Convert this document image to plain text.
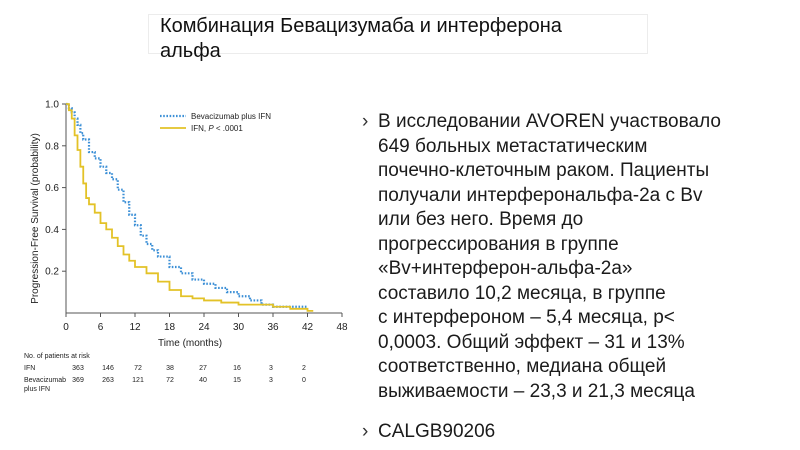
Комбинация Бевацизумаба и интерферона
альфа
0	6	12 18 24 30 36 42 48
0.2
0.4
0.6
0.8
1.0
Progression-Free Survival (probability)
Time (months)
Bevacizumab plus IFN
IFN, P < .0001
No. of patients at risk
IFN	363	146	72	38	27	16	3	2
Bevacizumab
plus IFN
369	263	121	72	40	15	3	0
› В исследовании AVOREN участвовало
649 больных метастатическим
почечно-клеточным раком. Пациенты
получали интерферонaльфа-2a с Bv
или без него. Время до
прогрессирования в группе
«Bv+интерферон-альфа-2a»
составило 10,2 месяца, в группе
с интерфероном – 5,4 месяца, p<
0,0003. Общий эффект – 31 и 13%
соответственно, медиана общей
выживаемости – 23,3 и 21,3 месяца
› CALGB90206
